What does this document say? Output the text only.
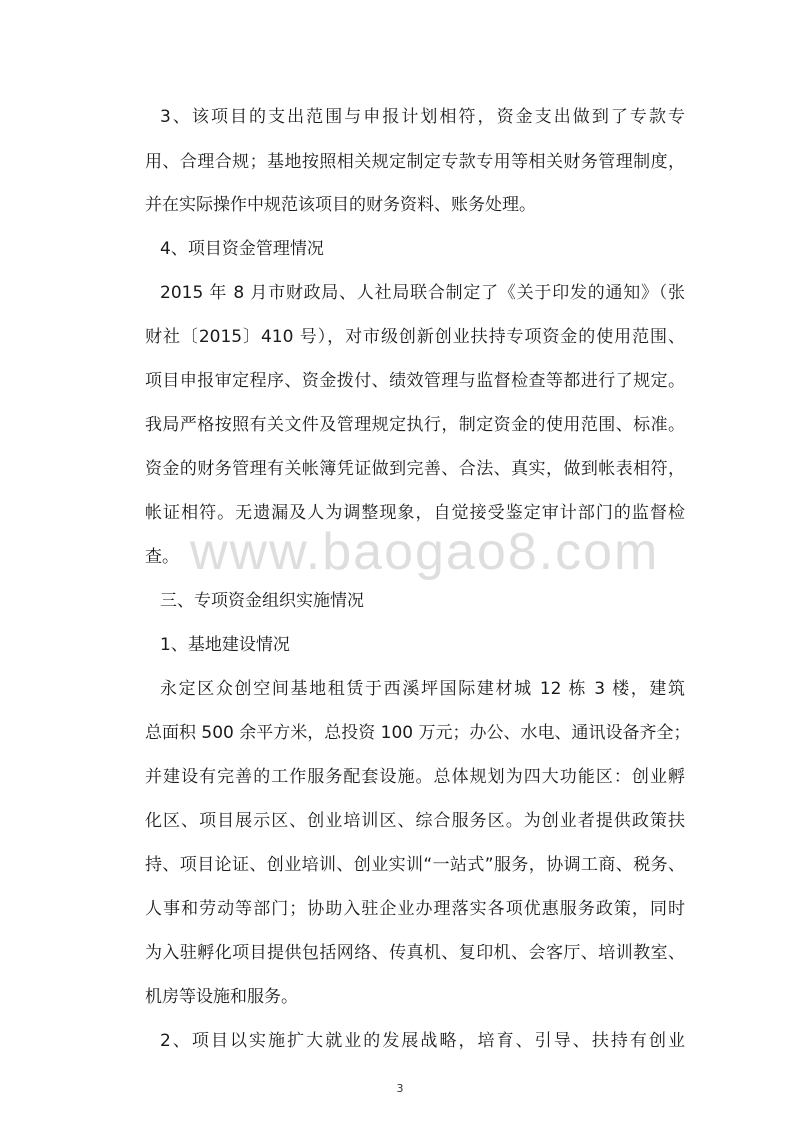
3、该项目的支出范围与申报计划相符，资金支出做到了专款专
用、合理合规；基地按照相关规定制定专款专用等相关财务管理制度，
并在实际操作中规范该项目的财务资料、账务处理。
4、项目资金管理情况
2015 年 8 月市财政局、人社局联合制定了《关于印发的通知》（张
财社〔2015〕410 号），对市级创新创业扶持专项资金的使用范围、
项目申报审定程序、资金拨付、绩效管理与监督检查等都进行了规定。
我局严格按照有关文件及管理规定执行，制定资金的使用范围、标准。
资金的财务管理有关帐簿凭证做到完善、合法、真实，做到帐表相符，
帐证相符。无遗漏及人为调整现象，自觉接受鉴定审计部门的监督检
查。 www.baogao8.com
三、专项资金组织实施情况
1、基地建设情况
永定区众创空间基地租赁于西溪坪国际建材城 12 栋 3 楼，建筑
总面积 500 余平方米，总投资 100 万元；办公、水电、通讯设备齐全；
并建设有完善的工作服务配套设施。总体规划为四大功能区：创业孵
化区、项目展示区、创业培训区、综合服务区。为创业者提供政策扶
持、项目论证、创业培训、创业实训“一站式”服务，协调工商、税务、
人事和劳动等部门；协助入驻企业办理落实各项优惠服务政策，同时
为入驻孵化项目提供包括网络、传真机、复印机、会客厅、培训教室、
机房等设施和服务。
2、项目以实施扩大就业的发展战略，培育、引导、扶持有创业
3
